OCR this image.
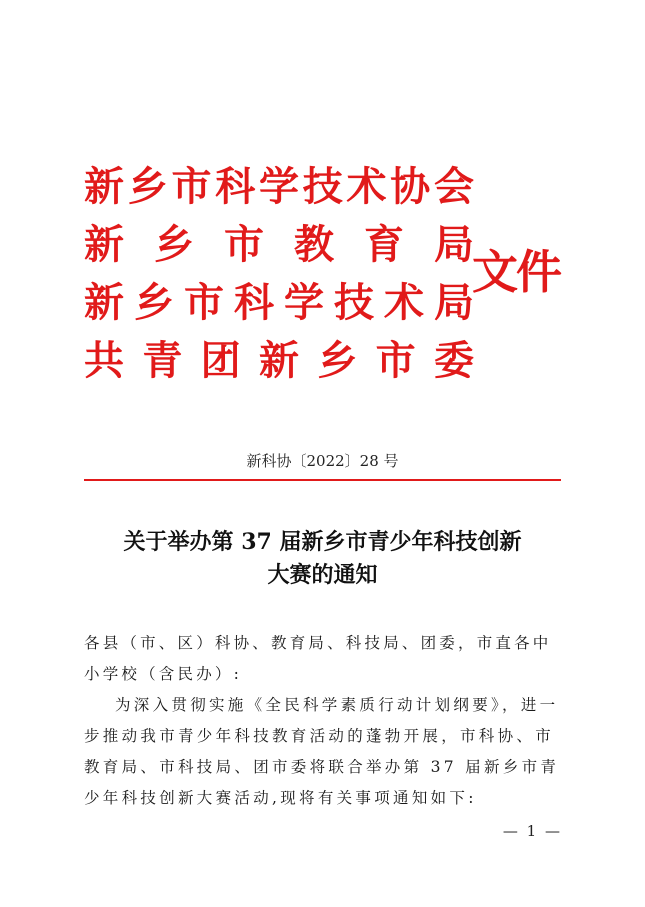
新 乡 市 科 学 技 术 协 会
新 乡 市 教 育 局
新 乡 市 科 学 技 术 局
共 青 团 新 乡 市 委
文件
新科协〔2022〕28 号
关于举办第 37 届新乡市青少年科技创新
大赛的通知
各县（市、区）科协、教育局、科技局、团委，市直各中小学校（含民办）:
为深入贯彻实施《全民科学素质行动计划纲要》，进一步推动我市青少年科技教育活动的蓬勃开展，市科协、市教育局、市科技局、团市委将联合举办第 37 届新乡市青少年科技创新大赛活动,现将有关事项通知如下:
— 1 —
